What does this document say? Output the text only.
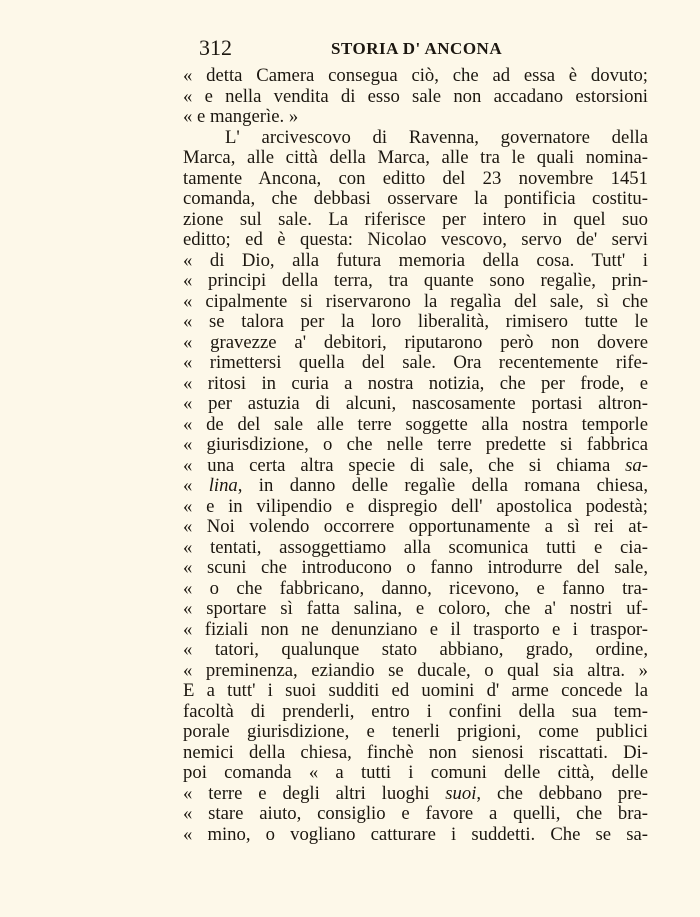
312	STORIA D' ANCONA
« detta Camera consegua ciò, che ad essa è dovuto;
« e nella vendita di esso sale non accadano estorsioni
« e mangerìe. »
L' arcivescovo di Ravenna, governatore della
Marca, alle città della Marca, alle tra le quali nomina-
tamente Ancona, con editto del 23 novembre 1451
comanda, che debbasi osservare la pontificia costitu-
zione sul sale. La riferisce per intero in quel suo
editto; ed è questa: Nicolao vescovo, servo de' servi
« di Dio, alla futura memoria della cosa. Tutt' i
« principi della terra, tra quante sono regalìe, prin-
« cipalmente si riservarono la regalìa del sale, sì che
« se talora per la loro liberalità, rimisero tutte le
« gravezze a' debitori, riputarono però non dovere
« rimettersi quella del sale. Ora recentemente rife-
« ritosi in curia a nostra notizia, che per frode, e
« per astuzia di alcuni, nascosamente portasi altron-
« de del sale alle terre soggette alla nostra temporle
« giurisdizione, o che nelle terre predette si fabbrica
« una certa altra specie di sale, che si chiama sa-
« lina, in danno delle regalìe della romana chiesa,
« e in vilipendio e dispregio dell' apostolica podestà;
« Noi volendo occorrere opportunamente a sì rei at-
« tentati, assoggettiamo alla scomunica tutti e cia-
« scuni che introducono o fanno introdurre del sale,
« o che fabbricano, danno, ricevono, e fanno tra-
« sportare sì fatta salina, e coloro, che a' nostri uf-
« fiziali non ne denunziano e il trasporto e i traspor-
« tatori, qualunque stato abbiano, grado, ordine,
« preminenza, eziandio se ducale, o qual sia altra. »
E a tutt' i suoi sudditi ed uomini d' arme concede la
facoltà di prenderli, entro i confini della sua tem-
porale giurisdizione, e tenerli prigioni, come publici
nemici della chiesa, finchè non sienosi riscattati. Di-
poi comanda « a tutti i comuni delle città, delle
« terre e degli altri luoghi suoi, che debbano pre-
« stare aiuto, consiglio e favore a quelli, che bra-
« mino, o vogliano catturare i suddetti. Che se sa-
